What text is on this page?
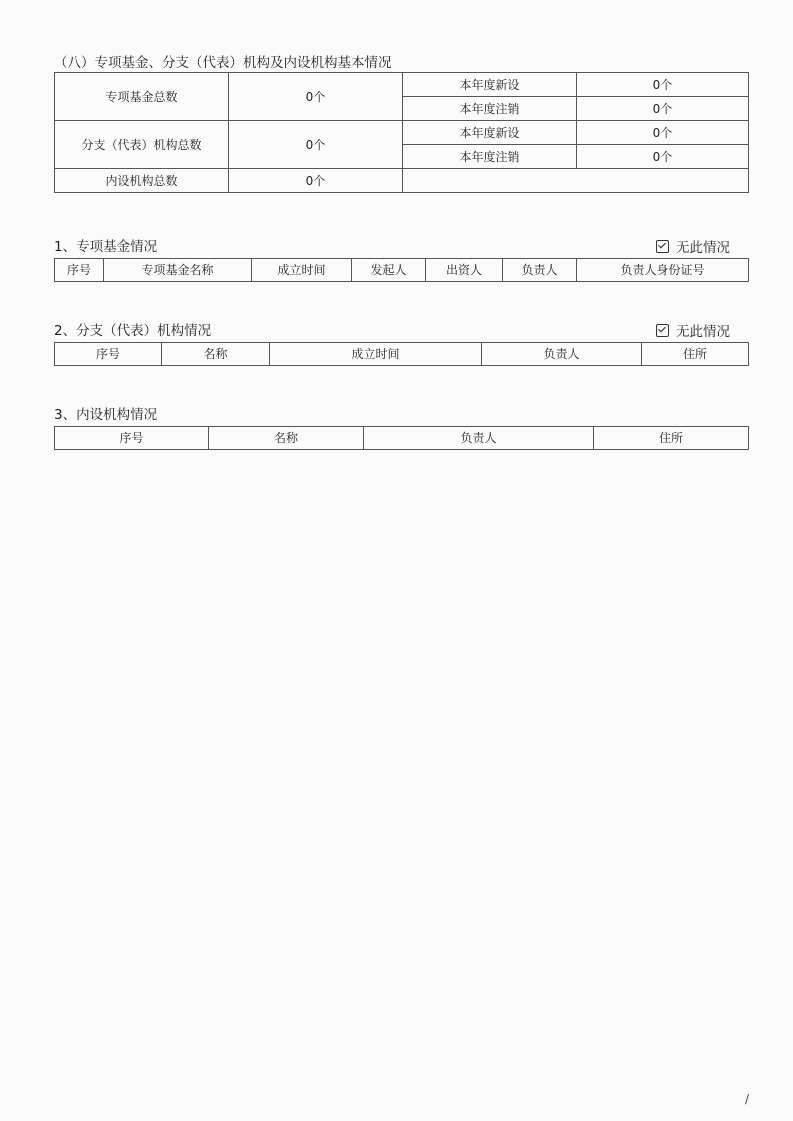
（八）专项基金、分支（代表）机构及内设机构基本情况
专项基金总数	0个	本年度新设	0个
		本年度注销	0个
分支（代表）机构总数	0个	本年度新设	0个
		本年度注销	0个
内设机构总数	0个		
1、专项基金情况	无此情况
序号	专项基金名称	成立时间	发起人	出资人	负责人	负责人身份证号
2、分支（代表）机构情况	无此情况
序号	名称	成立时间	负责人	住所
3、内设机构情况
序号	名称	负责人	住所
/
